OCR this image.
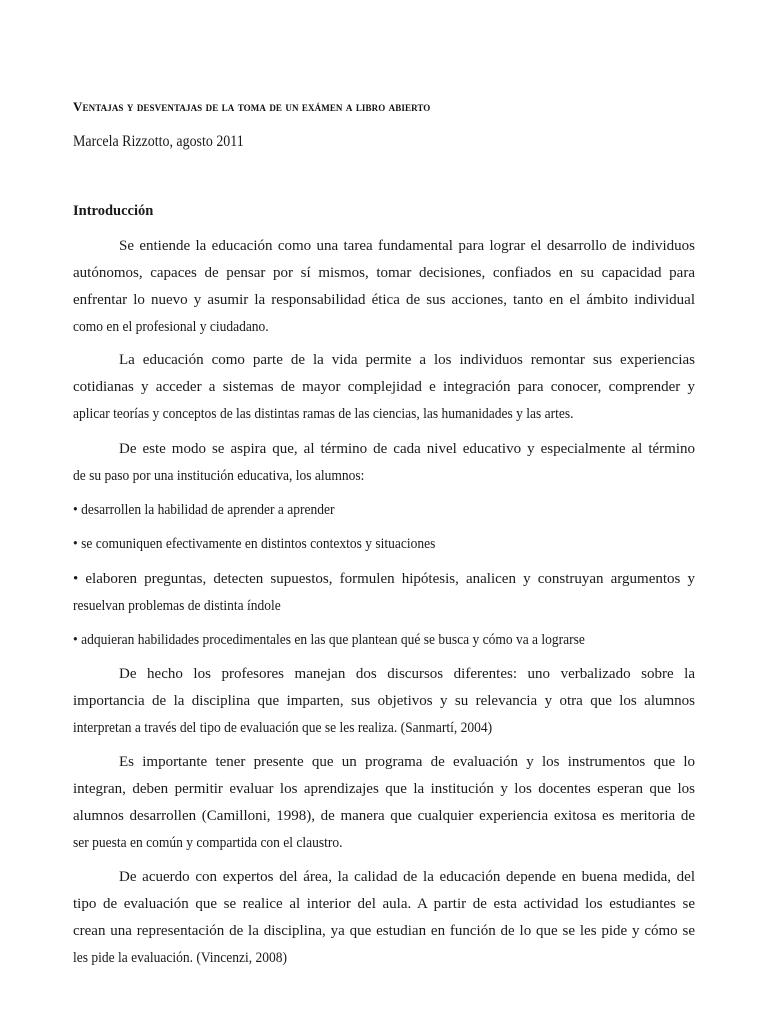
Ventajas y desventajas de la toma de un exámen a libro abierto
Marcela Rizzotto, agosto 2011
Introducción
Se entiende la educación como una tarea fundamental para lograr el desarrollo de individuos
autónomos, capaces de pensar por sí mismos, tomar decisiones, confiados en su capacidad para
enfrentar lo nuevo y asumir la responsabilidad ética de sus acciones, tanto en el ámbito individual
como en el profesional y ciudadano.
La educación como parte de la vida permite a los individuos remontar sus experiencias
cotidianas y acceder a sistemas de mayor complejidad e integración para conocer, comprender y
aplicar teorías y conceptos de las distintas ramas de las ciencias, las humanidades y las artes.
De este modo se aspira que, al término de cada nivel educativo y especialmente al término
de su paso por una institución educativa, los alumnos:
• desarrollen la habilidad de aprender a aprender
• se comuniquen efectivamente en distintos contextos y situaciones
• elaboren preguntas, detecten supuestos, formulen hipótesis, analicen y construyan argumentos y
resuelvan problemas de distinta índole
• adquieran habilidades procedimentales en las que plantean qué se busca y cómo va a lograrse
De hecho los profesores manejan dos discursos diferentes: uno verbalizado sobre la
importancia de la disciplina que imparten, sus objetivos y su relevancia y otra que los alumnos
interpretan a través del tipo de evaluación que se les realiza. (Sanmartí, 2004)
Es importante tener presente que un programa de evaluación y los instrumentos que lo
integran, deben permitir evaluar los aprendizajes que la institución y los docentes esperan que los
alumnos desarrollen (Camilloni, 1998), de manera que cualquier experiencia exitosa es meritoria de
ser puesta en común y compartida con el claustro.
De acuerdo con expertos del área, la calidad de la educación depende en buena medida, del
tipo de evaluación que se realice al interior del aula. A partir de esta actividad los estudiantes se
crean una representación de la disciplina, ya que estudian en función de lo que se les pide y cómo se
les pide la evaluación. (Vincenzi, 2008)
